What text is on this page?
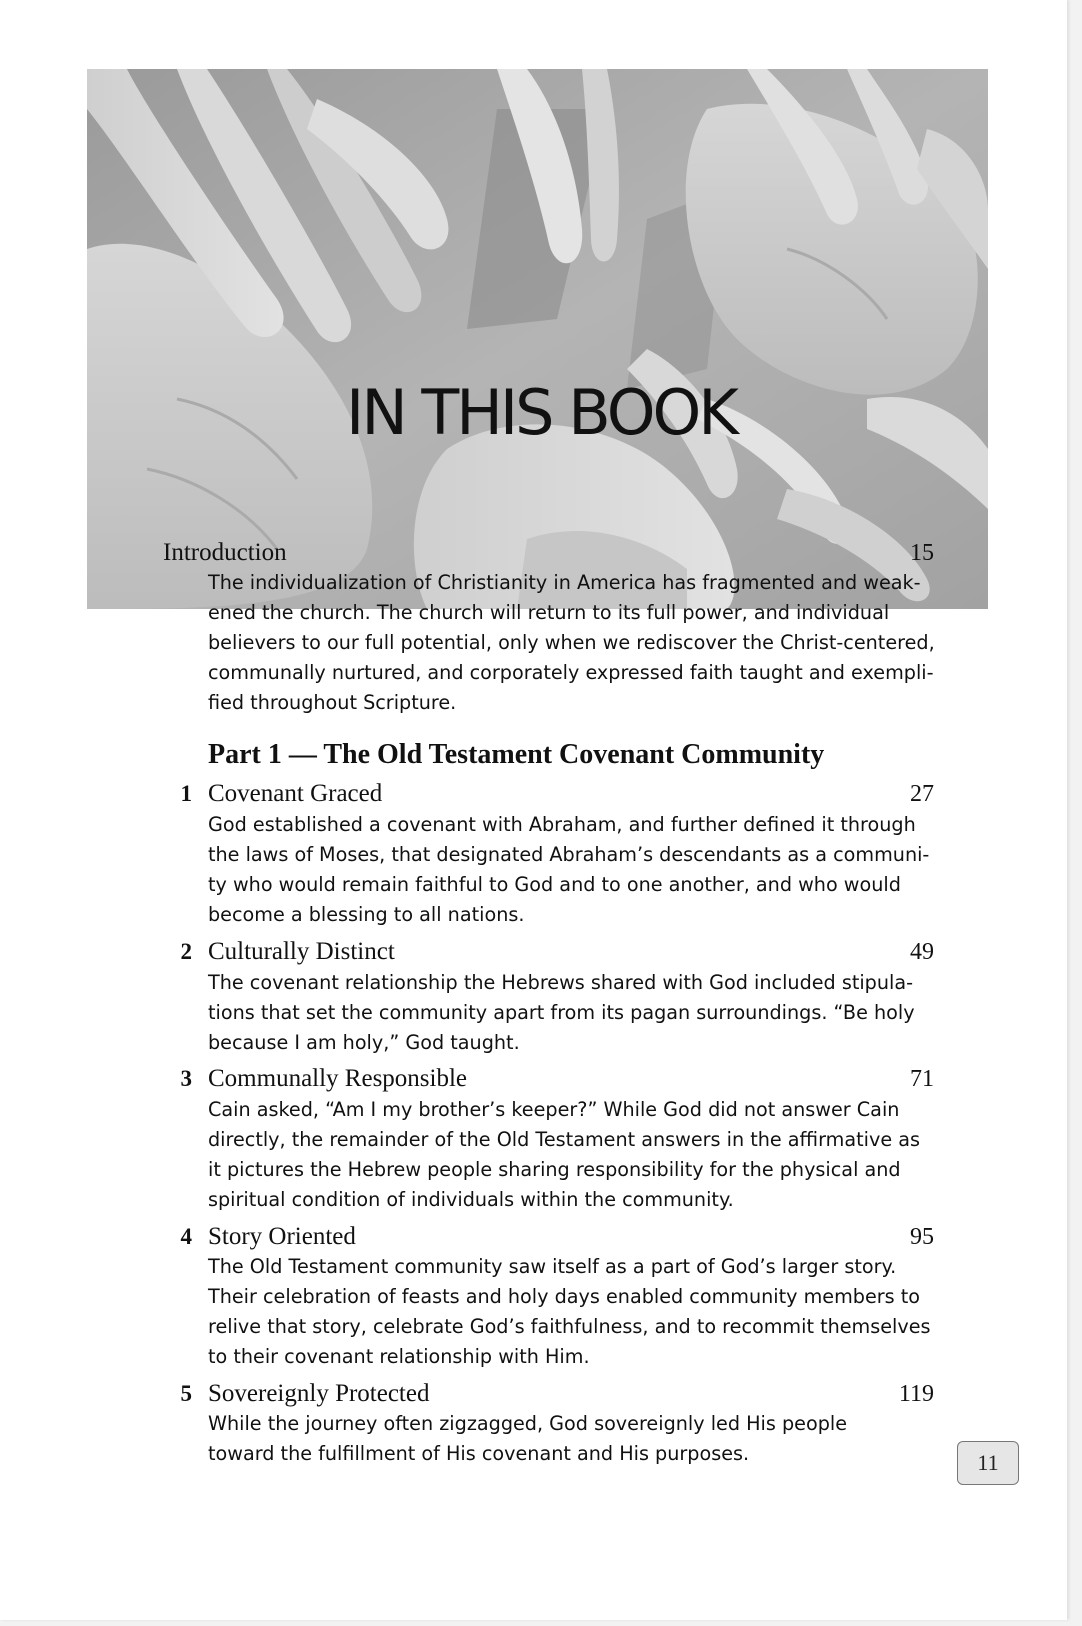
IN THIS BOOK
Introduction	15
The individualization of Christianity in America has fragmented and weak-
ened the church. The church will return to its full power, and individual
believers to our full potential, only when we rediscover the Christ-centered,
communally nurtured, and corporately expressed faith taught and exempli-
fied throughout Scripture.
Part 1 — The Old Testament Covenant Community
1 Covenant Graced	27
God established a covenant with Abraham, and further defined it through
the laws of Moses, that designated Abraham’s descendants as a communi-
ty who would remain faithful to God and to one another, and who would
become a blessing to all nations.
2 Culturally Distinct	49
The covenant relationship the Hebrews shared with God included stipula-
tions that set the community apart from its pagan surroundings. “Be holy
because I am holy,” God taught.
3 Communally Responsible	71
Cain asked, “Am I my brother’s keeper?” While God did not answer Cain
directly, the remainder of the Old Testament answers in the affirmative as
it pictures the Hebrew people sharing responsibility for the physical and
spiritual condition of individuals within the community.
4 Story Oriented	95
The Old Testament community saw itself as a part of God’s larger story.
Their celebration of feasts and holy days enabled community members to
relive that story, celebrate God’s faithfulness, and to recommit themselves
to their covenant relationship with Him.
5 Sovereignly Protected	119
While the journey often zigzagged, God sovereignly led His people
toward the fulfillment of His covenant and His purposes.	11
